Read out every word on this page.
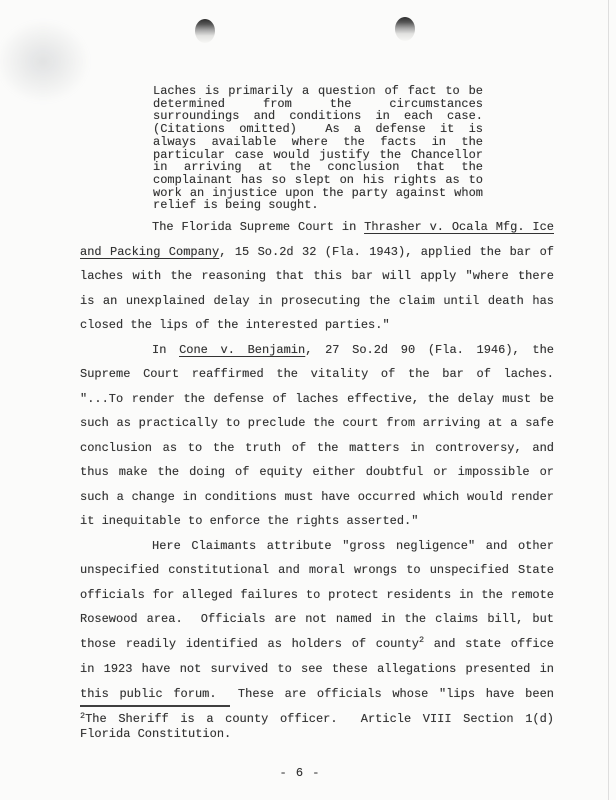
Laches is primarily a question of fact to be
determined from the circumstances
surroundings and conditions in each case.
(Citations omitted)  As a defense it is
always available where the facts in the
particular case would justify the Chancellor
in arriving at the conclusion that the
complainant has so slept on his rights as to
work an injustice upon the party against whom
relief is being sought.
The Florida Supreme Court in Thrasher v. Ocala Mfg. Ice
and Packing Company, 15 So.2d 32 (Fla. 1943), applied the bar of
laches with the reasoning that this bar will apply "where there
is an unexplained delay in prosecuting the claim until death has
closed the lips of the interested parties."
In Cone v. Benjamin, 27 So.2d 90 (Fla. 1946), the
Supreme Court reaffirmed the vitality of the bar of laches.
"...To render the defense of laches effective, the delay must be
such as practically to preclude the court from arriving at a safe
conclusion as to the truth of the matters in controversy, and
thus make the doing of equity either doubtful or impossible or
such a change in conditions must have occurred which would render
it inequitable to enforce the rights asserted."
Here Claimants attribute "gross negligence" and other
unspecified constitutional and moral wrongs to unspecified State
officials for alleged failures to protect residents in the remote
Rosewood area.  Officials are not named in the claims bill, but
those readily identified as holders of county$^2$ and state office
in 1923 have not survived to see these allegations presented in
this public forum.  These are officials whose "lips have been
$^2$The Sheriff is a county officer.  Article VIII Section 1(d)
Florida Constitution.
- 6 -
